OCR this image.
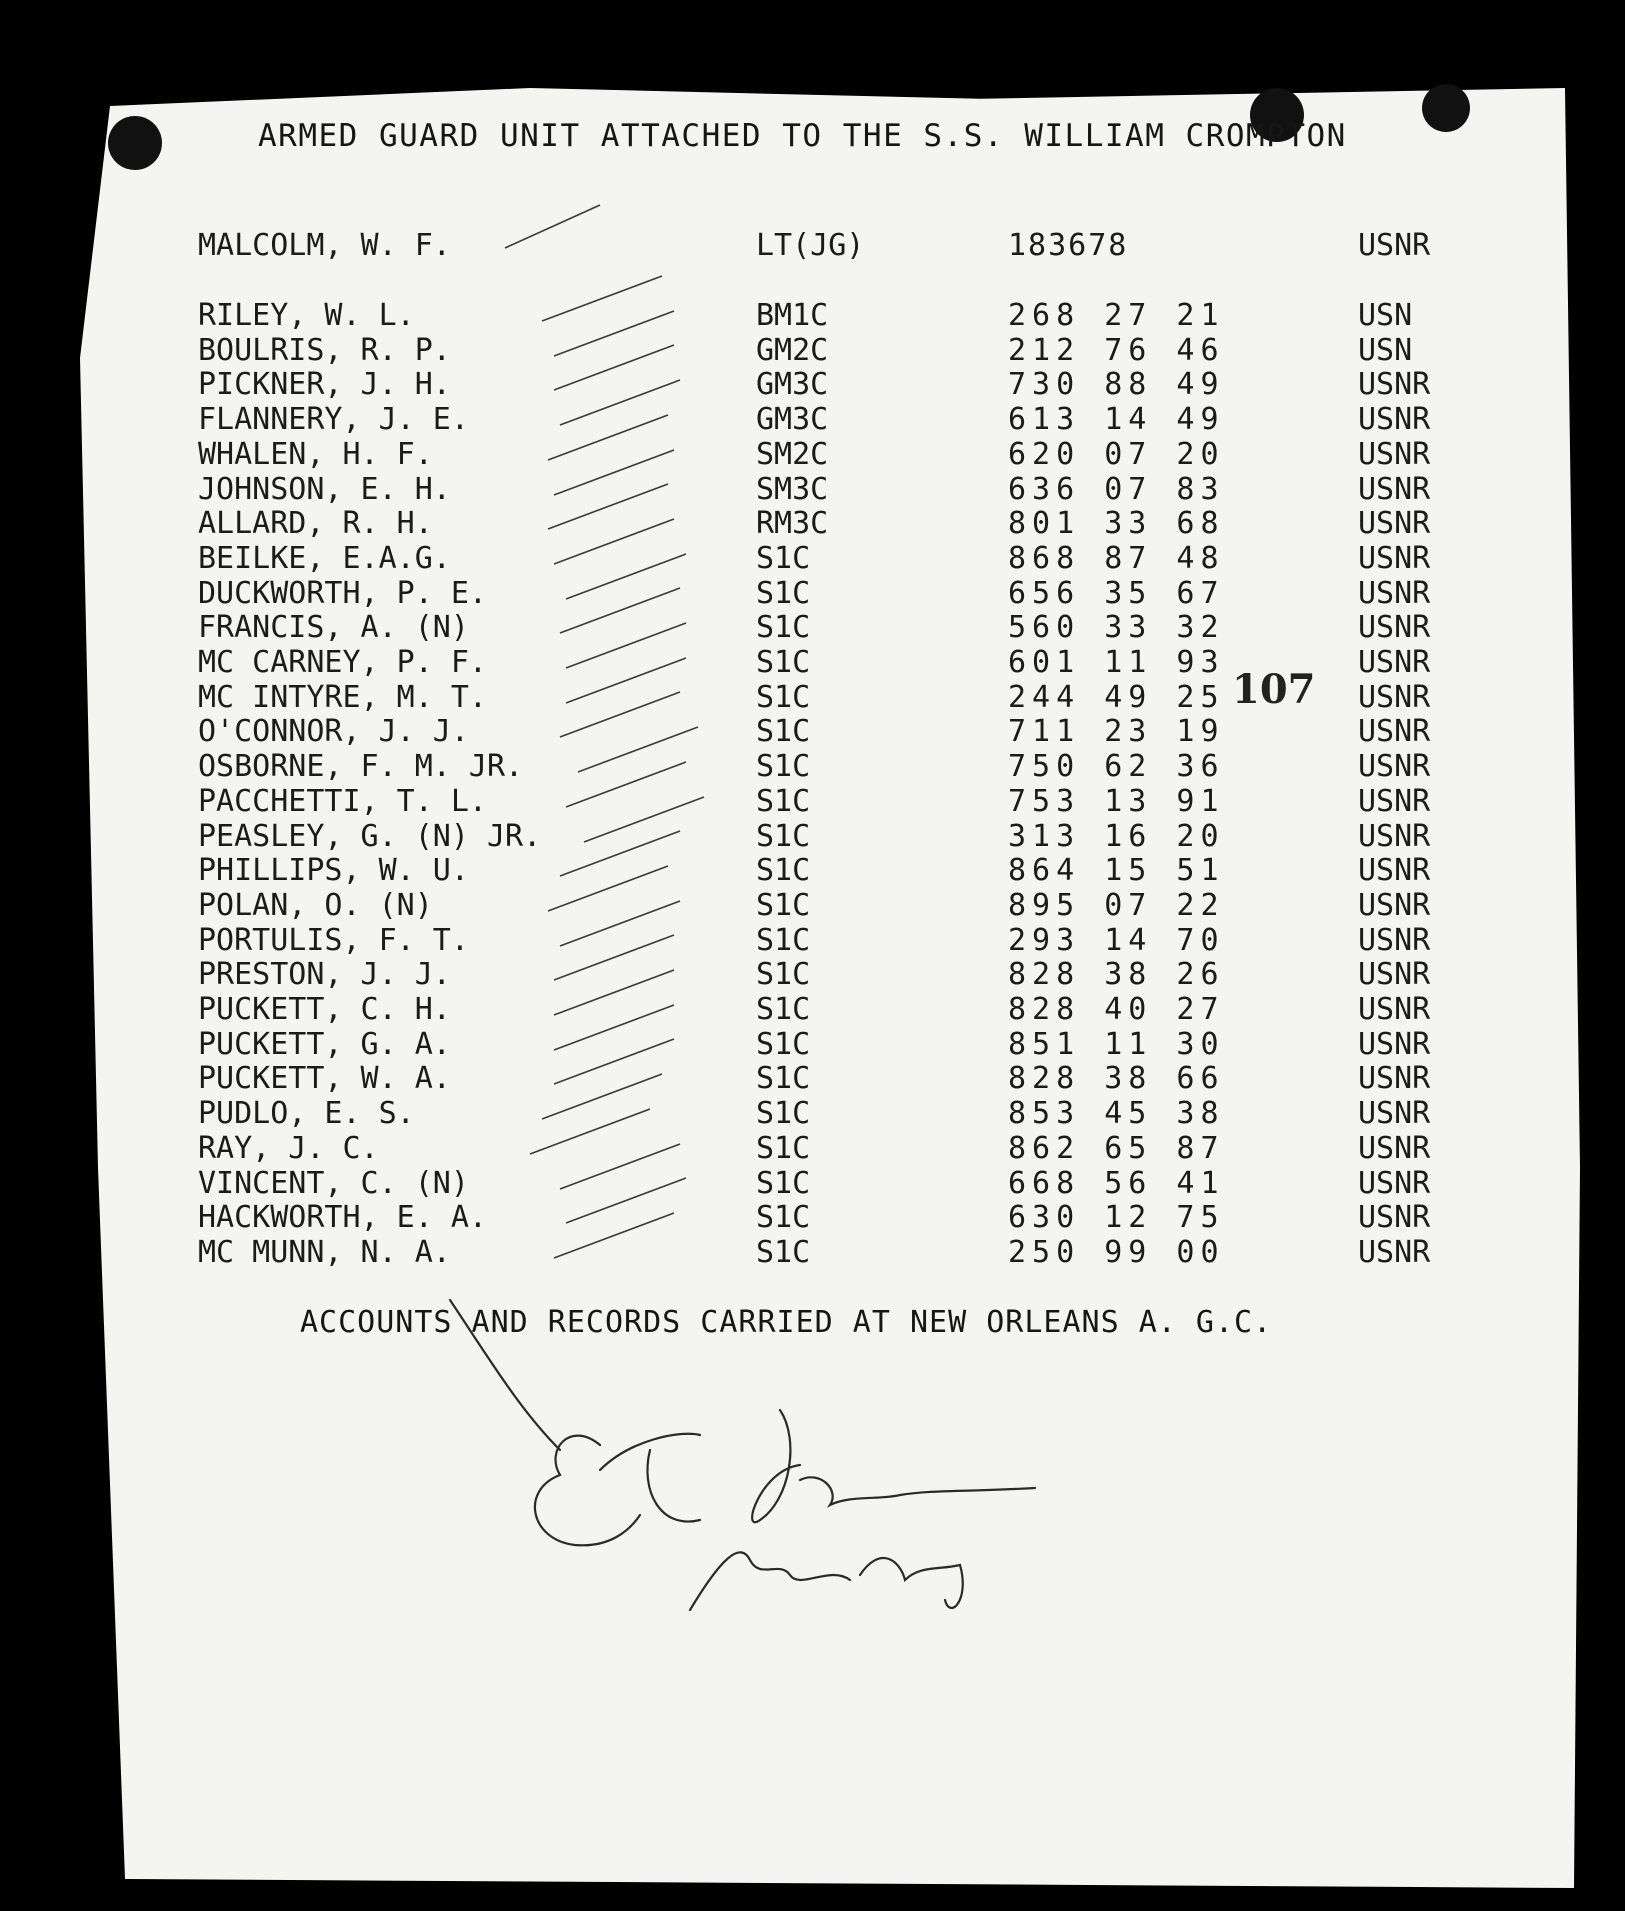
ARMED GUARD UNIT ATTACHED TO THE S.S. WILLIAM CROMPTON
MALCOLM, W. F.	LT(JG)	183678	USNR
RILEY, W. L.	BM1C	268 27 21	USN
BOULRIS, R. P.	GM2C	212 76 46	USN
PICKNER, J. H.	GM3C	730 88 49	USNR
FLANNERY, J. E.	GM3C	613 14 49	USNR
WHALEN, H. F.	SM2C	620 07 20	USNR
JOHNSON, E. H.	SM3C	636 07 83	USNR
ALLARD, R. H.	RM3C	801 33 68	USNR
BEILKE, E.A.G.	S1C	868 87 48	USNR
DUCKWORTH, P. E.	S1C	656 35 67	USNR
FRANCIS, A. (N)	S1C	560 33 32	USNR
MC CARNEY, P. F.	S1C	601 11 93	USNR
MC INTYRE, M. T.	S1C	244 49 25	USNR
O'CONNOR, J. J.	S1C	711 23 19	USNR
OSBORNE, F. M. JR.	S1C	750 62 36	USNR
PACCHETTI, T. L.	S1C	753 13 91	USNR
PEASLEY, G. (N) JR.	S1C	313 16 20	USNR
PHILLIPS, W. U.	S1C	864 15 51	USNR
POLAN, O. (N)	S1C	895 07 22	USNR
PORTULIS, F. T.	S1C	293 14 70	USNR
PRESTON, J. J.	S1C	828 38 26	USNR
PUCKETT, C. H.	S1C	828 40 27	USNR
PUCKETT, G. A.	S1C	851 11 30	USNR
PUCKETT, W. A.	S1C	828 38 66	USNR
PUDLO, E. S.	S1C	853 45 38	USNR
RAY, J. C.	S1C	862 65 87	USNR
VINCENT, C. (N)	S1C	668 56 41	USNR
HACKWORTH, E. A.	S1C	630 12 75	USNR
MC MUNN, N. A.	S1C	250 99 00	USNR
107
ACCOUNTS AND RECORDS CARRIED AT NEW ORLEANS A. G.C.
